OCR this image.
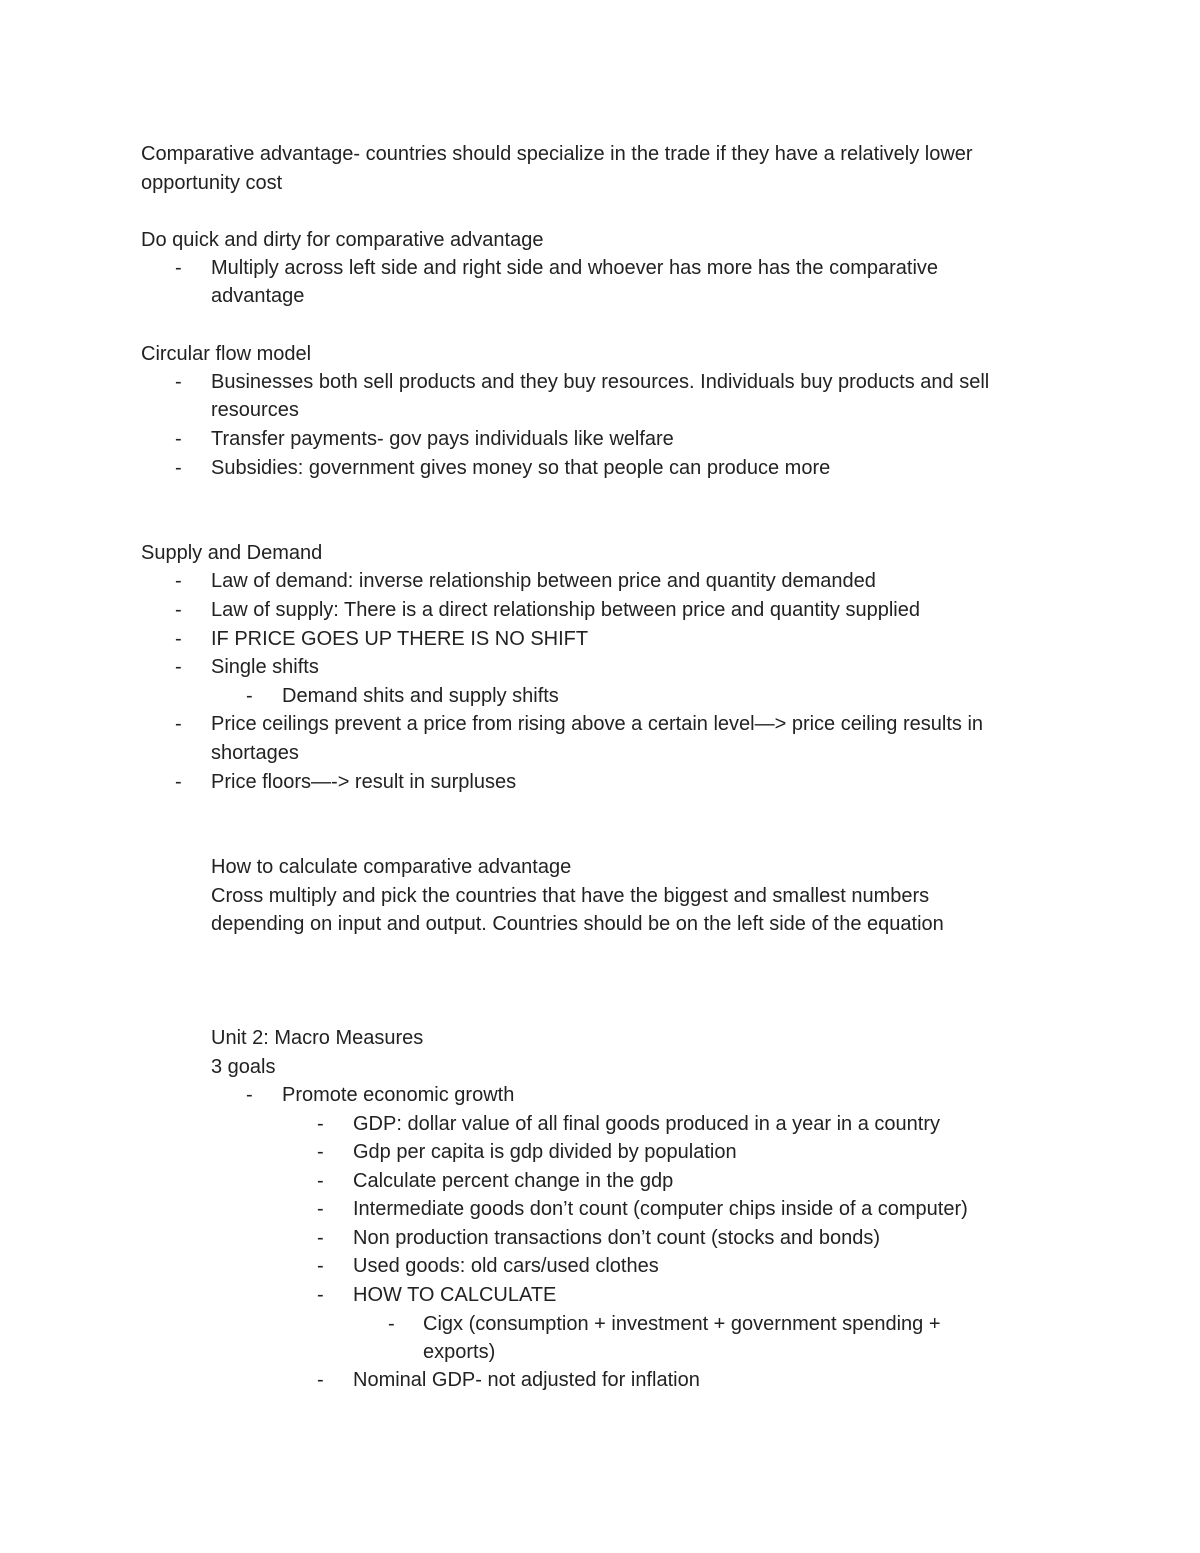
Comparative advantage- countries should specialize in the trade if they have a relatively lower

opportunity cost

Do quick and dirty for comparative advantage

- Multiply across left side and right side and whoever has more has the comparative

advantage

Circular flow model

- Businesses both sell products and they buy resources. Individuals buy products and sell

resources

- Transfer payments- gov pays individuals like welfare

- Subsidies: government gives money so that people can produce more

Supply and Demand

- Law of demand: inverse relationship between price and quantity demanded

- Law of supply: There is a direct relationship between price and quantity supplied

- IF PRICE GOES UP THERE IS NO SHIFT

- Single shifts

- Demand shits and supply shifts

- Price ceilings prevent a price from rising above a certain level—> price ceiling results in

shortages

- Price floors—-> result in surpluses

How to calculate comparative advantage

Cross multiply and pick the countries that have the biggest and smallest numbers

depending on input and output. Countries should be on the left side of the equation

Unit 2: Macro Measures

3 goals

- Promote economic growth

- GDP: dollar value of all final goods produced in a year in a country

- Gdp per capita is gdp divided by population

- Calculate percent change in the gdp

- Intermediate goods don’t count (computer chips inside of a computer)

- Non production transactions don’t count (stocks and bonds)

- Used goods: old cars/used clothes

- HOW TO CALCULATE

- Cigx (consumption + investment + government spending +

exports)

- Nominal GDP- not adjusted for inflation
